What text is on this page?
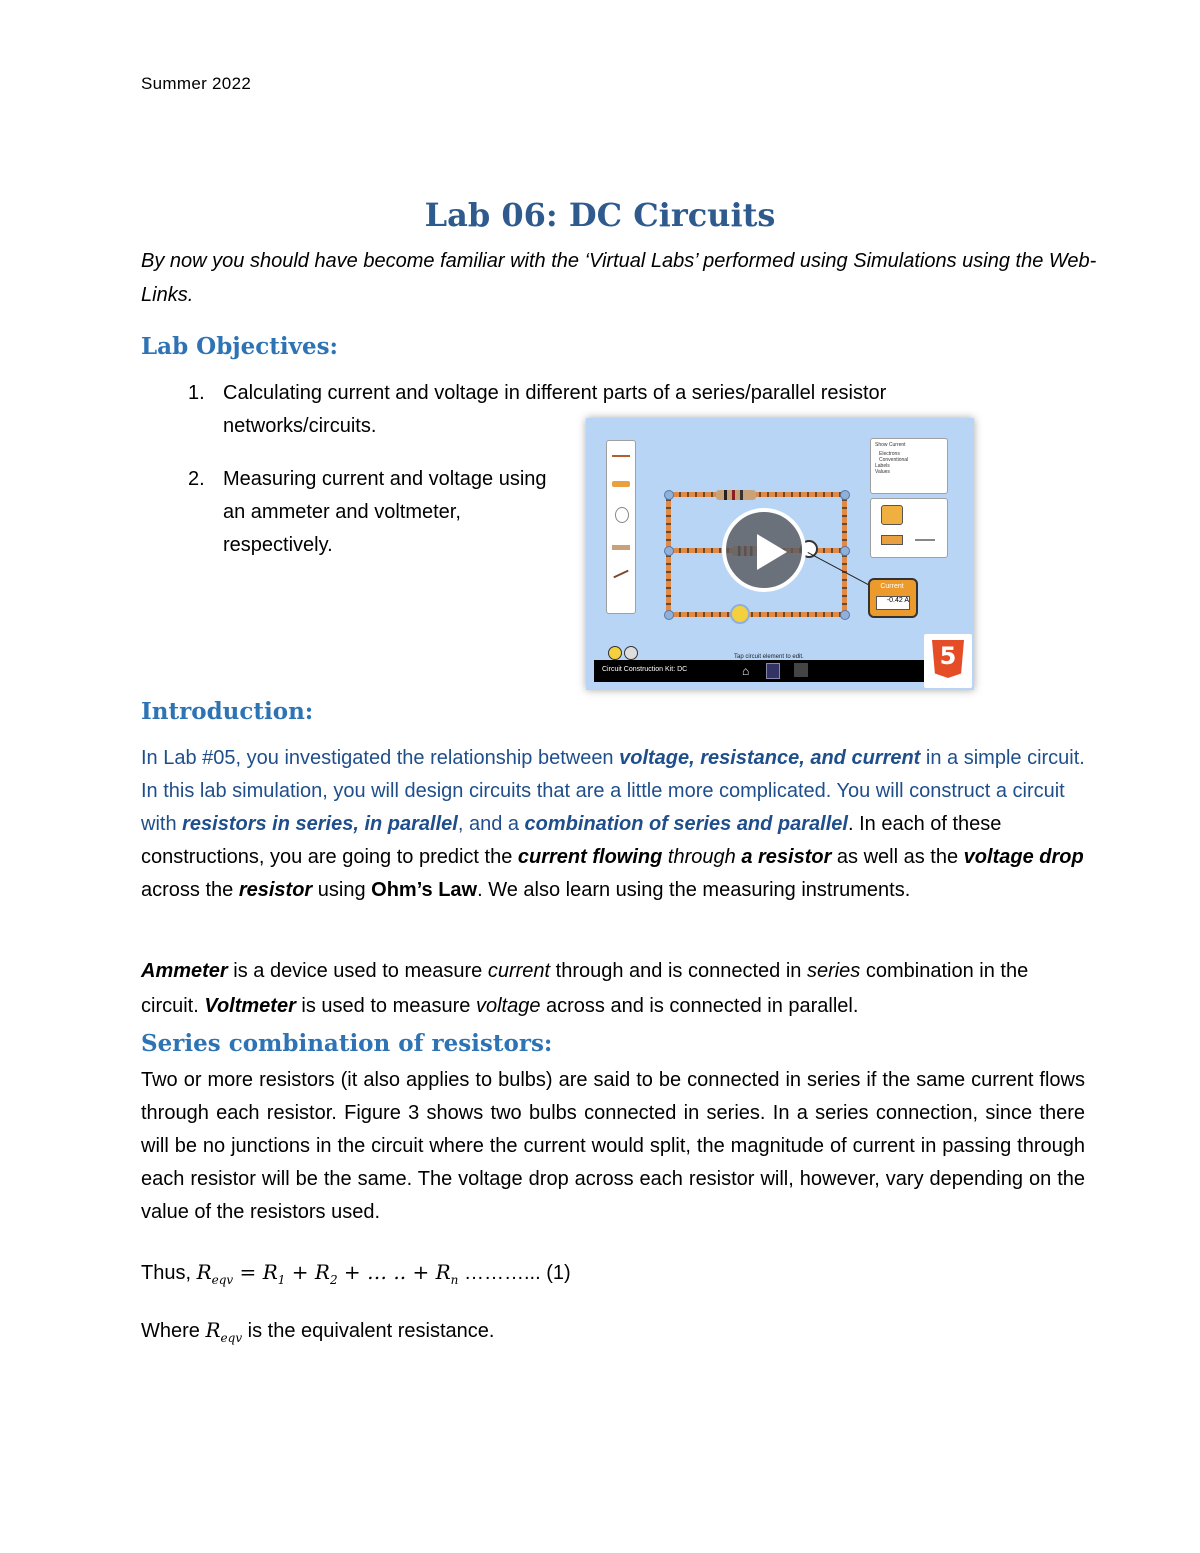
Summer 2022
Lab 06: DC Circuits
By now you should have become familiar with the ‘Virtual Labs’ performed using Simulations using the Web-Links.
Lab Objectives:
1. Calculating current and voltage in different parts of a series/parallel resistor
networks/circuits.
2. Measuring current and voltage using
an ammeter and voltmeter,
respectively.
Show Current
Electrons
Conventional
Labels
Values
Current
-0.42 A
Tap circuit element to edit.
Circuit Construction Kit: DC	⌂
Ph
5
Introduction:
In Lab #05, you investigated the relationship between voltage, resistance, and current in a simple circuit. In this lab simulation, you will design circuits that are a little more complicated. You will construct a circuit with resistors in series, in parallel, and a combination of series and parallel. In each of these constructions, you are going to predict the current flowing through a resistor as well as the voltage drop across the resistor using Ohm’s Law. We also learn using the measuring instruments.
Ammeter is a device used to measure current through and is connected in series combination in the circuit. Voltmeter is used to measure voltage across and is connected in parallel.
Series combination of resistors:
Two or more resistors (it also applies to bulbs) are said to be connected in series if the same current flows through each resistor. Figure 3 shows two bulbs connected in series. In a series connection, since there will be no junctions in the circuit where the current would split, the magnitude of current in passing through each resistor will be the same. The voltage drop across each resistor will, however, vary depending on the value of the resistors used.
Thus, $R_{eqv} = R_1 + R_2$ + … .. + $R_n$ ………... (1)
Where $R_{eqv}$ is the equivalent resistance.
